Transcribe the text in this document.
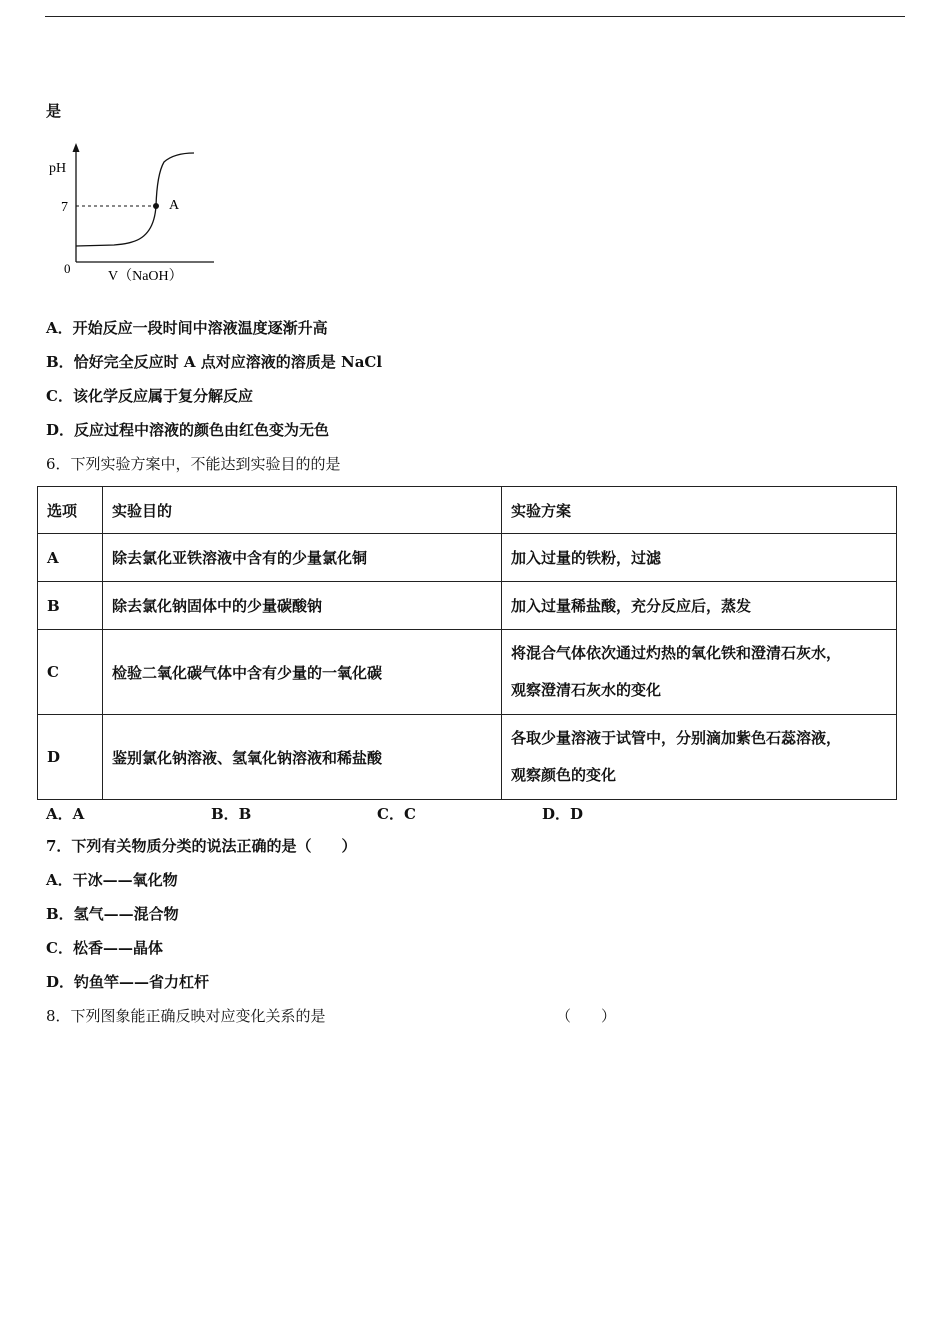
是
pH
7
0
A
V（NaOH）
A．开始反应一段时间中溶液温度逐渐升高
B．恰好完全反应时 A 点对应溶液的溶质是 NaCl
C．该化学反应属于复分解反应
D．反应过程中溶液的颜色由红色变为无色
6．下列实验方案中，不能达到实验目的的是
选项	实验目的	实验方案
A	除去氯化亚铁溶液中含有的少量氯化铜	加入过量的铁粉，过滤
B	除去氯化钠固体中的少量碳酸钠	加入过量稀盐酸，充分反应后，蒸发
C	检验二氧化碳气体中含有少量的一氧化碳	将混合气体依次通过灼热的氧化铁和澄清石灰水，
观察澄清石灰水的变化

D	鉴别氯化钠溶液、氢氧化钠溶液和稀盐酸	各取少量溶液于试管中，分别滴加紫色石蕊溶液，
观察颜色的变化
A．A	B．B	C．C	D．D
7．下列有关物质分类的说法正确的是（　　）
A．干冰——氧化物
B．氢气——混合物
C．松香——晶体
D．钓鱼竿——省力杠杆
8．下列图象能正确反映对应变化关系的是	（　　）
